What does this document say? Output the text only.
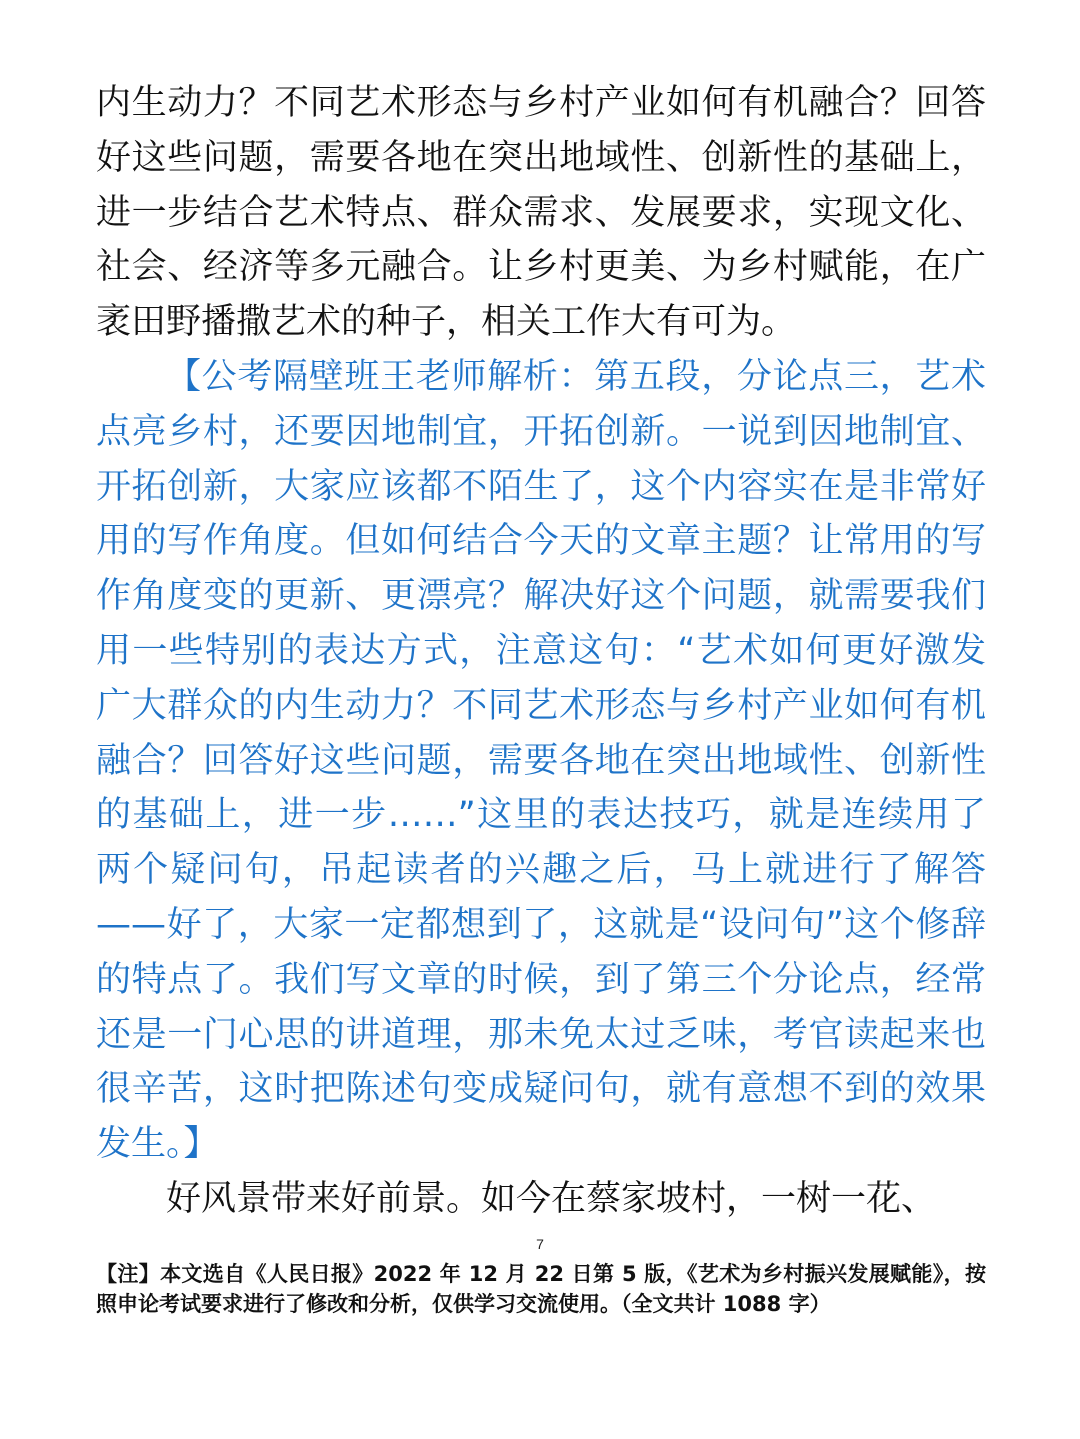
内生动力？不同艺术形态与乡村产业如何有机融合？回答好这些问题，需要各地在突出地域性、创新性的基础上，进一步结合艺术特点、群众需求、发展要求，实现文化、社会、经济等多元融合。让乡村更美、为乡村赋能，在广袤田野播撒艺术的种子，相关工作大有可为。

【公考隔壁班王老师解析：第五段，分论点三，艺术点亮乡村，还要因地制宜，开拓创新。一说到因地制宜、开拓创新，大家应该都不陌生了，这个内容实在是非常好用的写作角度。但如何结合今天的文章主题？让常用的写作角度变的更新、更漂亮？解决好这个问题，就需要我们用一些特别的表达方式，注意这句：“艺术如何更好激发广大群众的内生动力？不同艺术形态与乡村产业如何有机融合？回答好这些问题，需要各地在突出地域性、创新性的基础上，进一步……”这里的表达技巧，就是连续用了两个疑问句，吊起读者的兴趣之后，马上就进行了解答——好了，大家一定都想到了，这就是“设问句”这个修辞的特点了。我们写文章的时候，到了第三个分论点，经常还是一门心思的讲道理，那未免太过乏味，考官读起来也很辛苦，这时把陈述句变成疑问句，就有意想不到的效果发生。】

好风景带来好前景。如今在蔡家坡村，一树一花、

7
【注】本文选自《人民日报》2022 年 12 月 22 日第 5 版，《艺术为乡村振兴发展赋能》，按照申论考试要求进行了修改和分析，仅供学习交流使用。（全文共计 1088 字）
